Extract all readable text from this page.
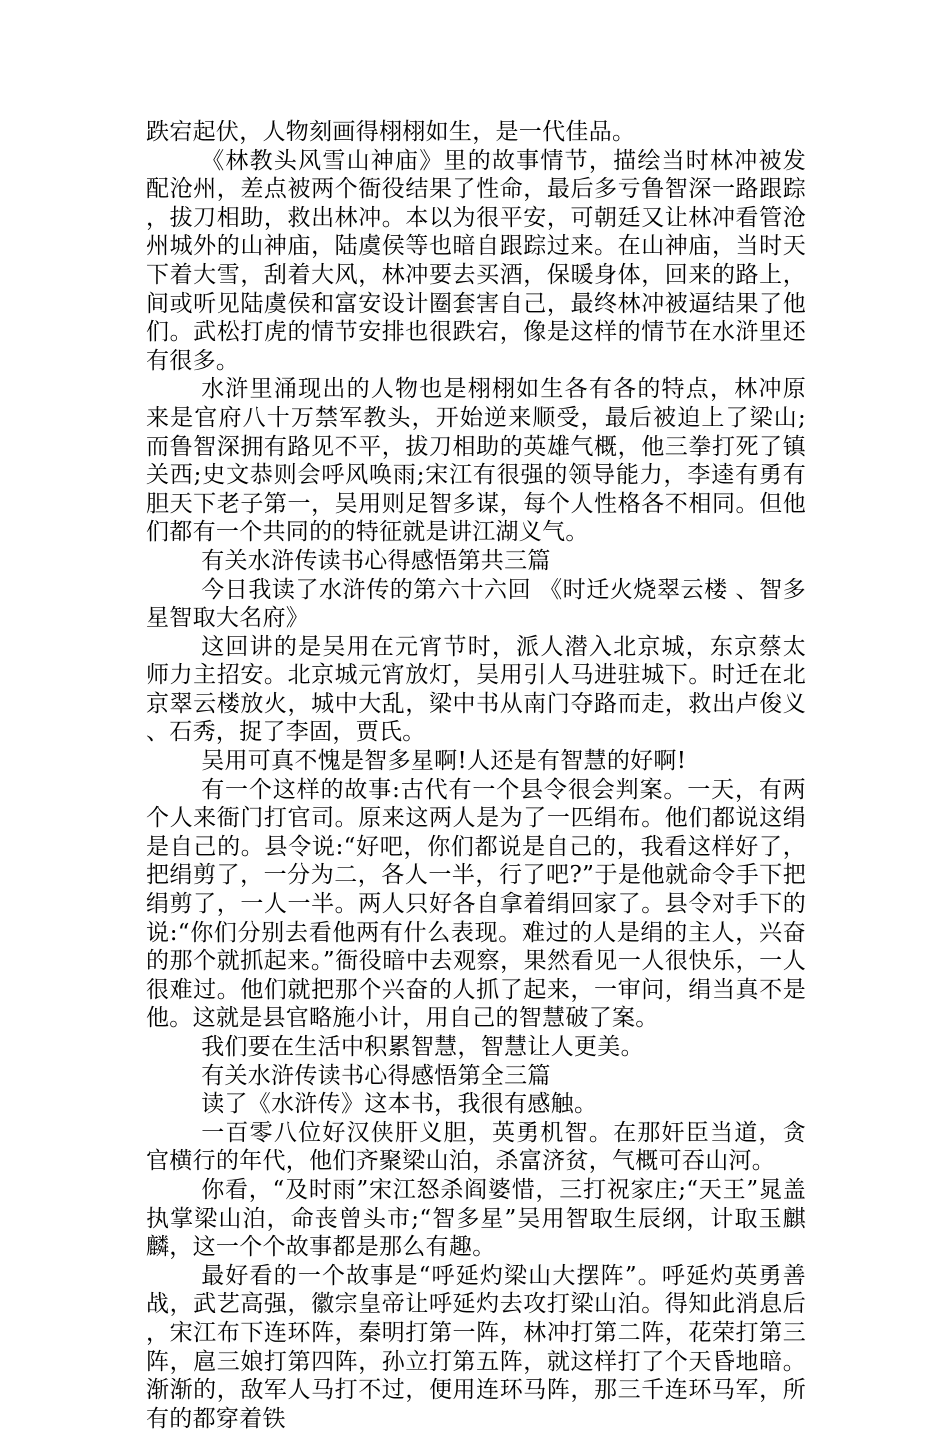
跌宕起伏，人物刻画得栩栩如生，是一代佳品。

《林教头风雪山神庙》里的故事情节，描绘当时林冲被发配沧州，差点被两个衙役结果了性命，最后多亏鲁智深一路跟踪，拔刀相助，救出林冲。本以为很平安，可朝廷又让林冲看管沧州城外的山神庙，陆虞侯等也暗自跟踪过来。在山神庙，当时天下着大雪，刮着大风，林冲要去买酒，保暖身体，回来的路上，间或听见陆虞侯和富安设计圈套害自己，最终林冲被逼结果了他们。武松打虎的情节安排也很跌宕，像是这样的情节在水浒里还有很多。

水浒里涌现出的人物也是栩栩如生各有各的特点，林冲原来是官府八十万禁军教头，开始逆来顺受，最后被迫上了梁山;而鲁智深拥有路见不平，拔刀相助的英雄气概，他三拳打死了镇关西;史文恭则会呼风唤雨;宋江有很强的领导能力，李逵有勇有胆天下老子第一，吴用则足智多谋，每个人性格各不相同。但他们都有一个共同的的特征就是讲江湖义气。

有关水浒传读书心得感悟第共三篇

今日我读了水浒传的第六十六回 《时迁火烧翠云楼 、智多星智取大名府》

这回讲的是吴用在元宵节时，派人潜入北京城，东京蔡太师力主招安。北京城元宵放灯，吴用引人马进驻城下。时迁在北京翠云楼放火，城中大乱，梁中书从南门夺路而走，救出卢俊义、石秀，捉了李固，贾氏。

吴用可真不愧是智多星啊!人还是有智慧的好啊!

有一个这样的故事:古代有一个县令很会判案。一天，有两个人来衙门打官司。原来这两人是为了一匹绢布。他们都说这绢是自己的。县令说:“好吧，你们都说是自己的，我看这样好了，把绢剪了，一分为二，各人一半，行了吧?”于是他就命令手下把绢剪了，一人一半。两人只好各自拿着绢回家了。县令对手下的说:“你们分别去看他两有什么表现。难过的人是绢的主人，兴奋的那个就抓起来。”衙役暗中去观察，果然看见一人很快乐，一人很难过。他们就把那个兴奋的人抓了起来，一审问，绢当真不是他。这就是县官略施小计，用自己的智慧破了案。

我们要在生活中积累智慧，智慧让人更美。

有关水浒传读书心得感悟第全三篇

读了《水浒传》这本书，我很有感触。

一百零八位好汉侠肝义胆，英勇机智。在那奸臣当道，贪官横行的年代，他们齐聚梁山泊，杀富济贫，气概可吞山河。

你看，“及时雨”宋江怒杀阎婆惜，三打祝家庄;“天王”晁盖执掌梁山泊，命丧曾头市;“智多星”吴用智取生辰纲，计取玉麒麟，这一个个故事都是那么有趣。

最好看的一个故事是“呼延灼梁山大摆阵”。呼延灼英勇善战，武艺高强，徽宗皇帝让呼延灼去攻打梁山泊。得知此消息后，宋江布下连环阵，秦明打第一阵，林冲打第二阵，花荣打第三阵，扈三娘打第四阵，孙立打第五阵，就这样打了个天昏地暗。渐渐的，敌军人马打不过，便用连环马阵，那三千连环马军，所有的都穿着铁
